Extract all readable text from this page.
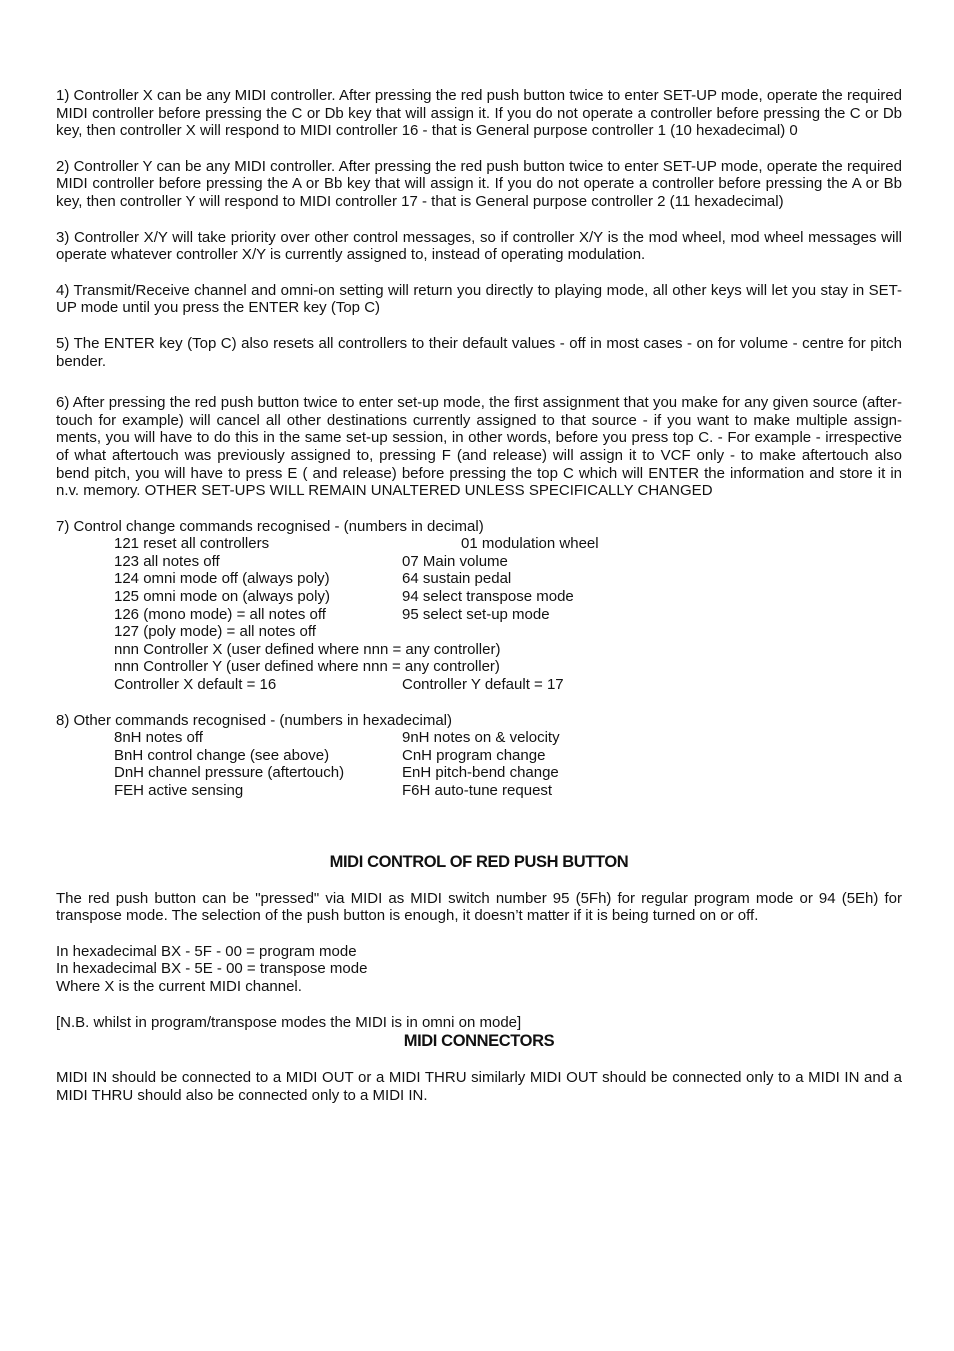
1) Controller X can be any MIDI controller. After pressing the red push button twice to enter SET-UP mode, operate the required MIDI controller before pressing the C or Db key that will assign it. If you do not operate a controller before pressing the C or Db key, then controller X will respond to MIDI controller 16 - that is General purpose controller 1 (10 hexadecimal) 0

2) Controller Y can be any MIDI controller. After pressing the red push button twice to enter SET-UP mode, operate the required MIDI controller before pressing the A or Bb key that will assign it. If you do not operate a controller before pressing the A or Bb key, then controller Y will respond to MIDI controller 17 - that is General purpose controller 2 (11 hexadecimal)

3) Controller X/Y will take priority over other control messages, so if controller X/Y is the mod wheel, mod wheel messages will operate whatever controller X/Y is currently assigned to, instead of operating modulation.

4) Transmit/Receive channel and omni-on setting will return you directly to playing mode, all other keys will let you stay in SET-UP mode until you press the ENTER key (Top C)

5) The ENTER key (Top C) also resets all controllers to their default values - off in most cases - on for volume - centre for pitch bender.

6) After pressing the red push button twice to enter set-up mode, the first assignment that you make for any given source (after-touch for example) will cancel all other destinations currently assigned to that source - if you want to make multiple assign- ments, you will have to do this in the same set-up session, in other words, before you press top C. - For example - irrespective of what aftertouch was previously assigned to, pressing F (and release) will assign it to VCF only - to make aftertouch also bend pitch, you will have to press E ( and release) before pressing the top C which will ENTER the information and store it in n.v. memory. OTHER SET-UPS WILL REMAIN UNALTERED UNLESS SPECIFICALLY CHANGED

7) Control change commands recognised - (numbers in decimal)

121 reset all controllers	01 modulation wheel
123 all notes off	07 Main volume
124 omni mode off (always poly)	64 sustain pedal
125 omni mode on (always poly)	94 select transpose mode
126 (mono mode) = all notes off	95 select set-up mode
127 (poly mode) = all notes off
nnn Controller X (user defined where nnn = any controller)
nnn Controller Y (user defined where nnn = any controller)
Controller X default = 16	Controller Y default = 17

8) Other commands recognised - (numbers in hexadecimal)

8nH notes off	9nH notes on & velocity
BnH control change (see above)	CnH program change
DnH channel pressure (aftertouch)	EnH pitch-bend change
FEH active sensing	F6H auto-tune request
MIDI CONTROL OF RED PUSH BUTTON

The red push button can be "pressed" via MIDI as MIDI switch number 95 (5Fh) for regular program mode or 94 (5Eh) for transpose mode. The selection of the push button is enough, it doesn’t matter if it is being turned on or off.

In hexadecimal BX - 5F - 00 = program mode

In hexadecimal BX - 5E - 00 = transpose mode

Where X is the current MIDI channel.

[N.B. whilst in program/transpose modes the MIDI is in omni on mode]

MIDI CONNECTORS

MIDI IN should be connected to a MIDI OUT or a MIDI THRU similarly MIDI OUT should be connected only to a MIDI IN and a MIDI THRU should also be connected only to a MIDI IN.
